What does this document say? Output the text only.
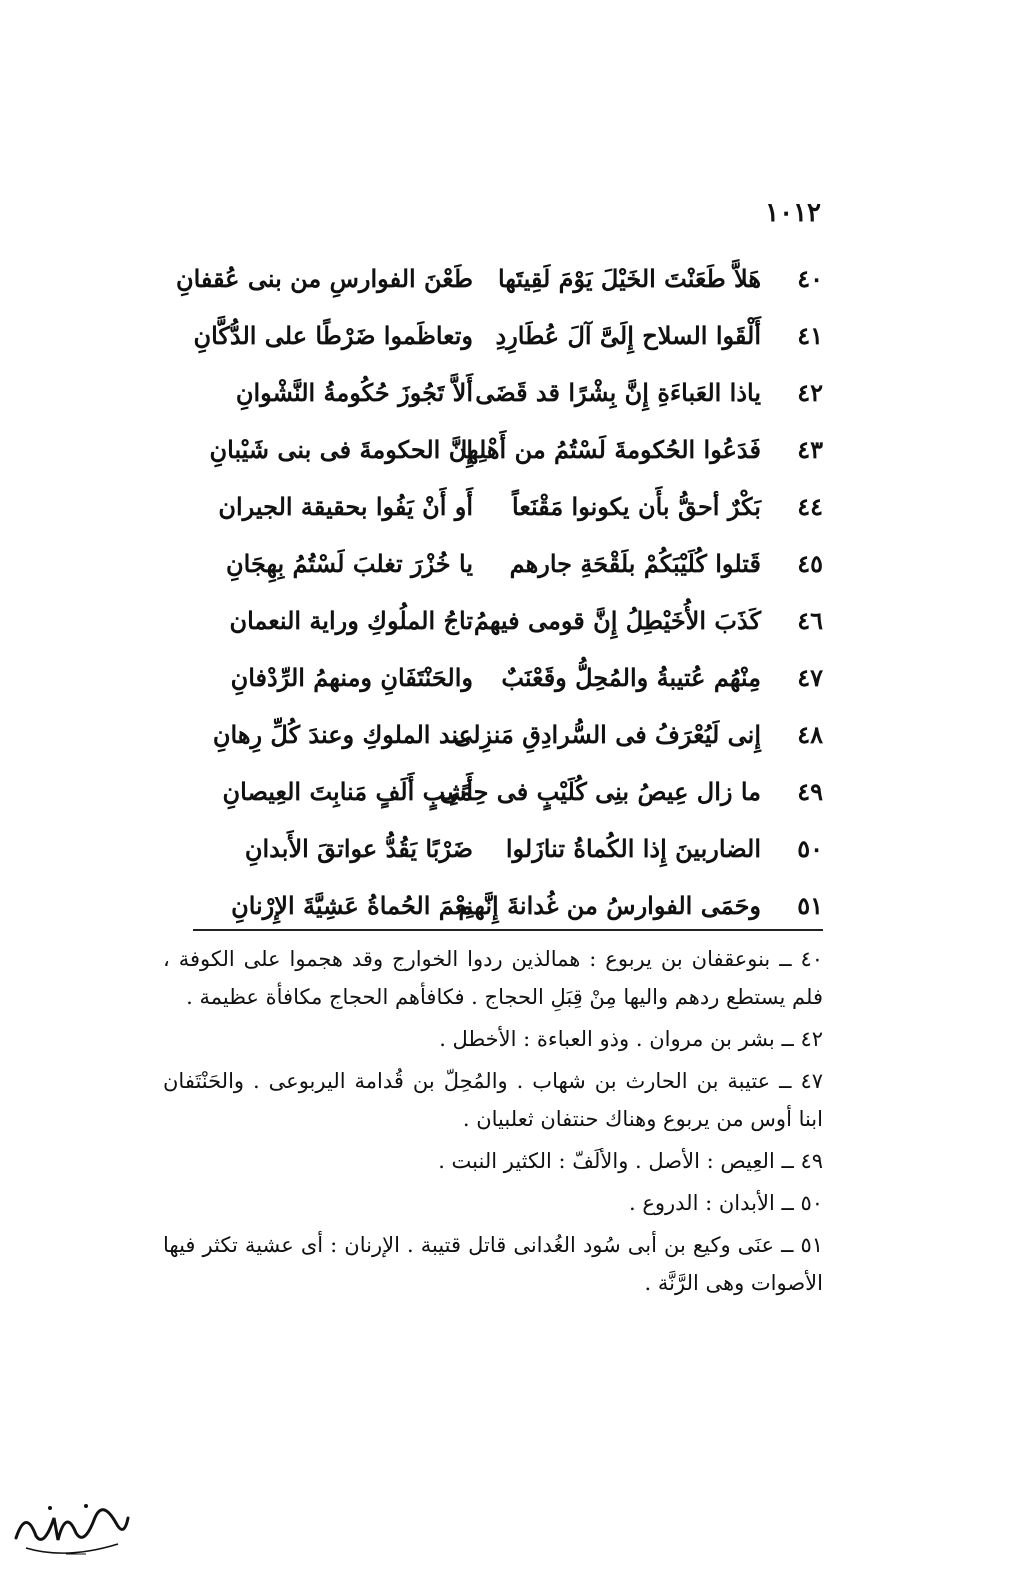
١٠١٢
٤٠
هَلاَّ طَعَنْتَ الخَيْلَ يَوْمَ لَقِيتَها
طَعْنَ الفوارسِ من بنى عُقفانِ
٤١
أَلْقَوا السلاح إِلَىَّ آلَ عُطَارِدِ
وتعاظَموا ضَرْطًا على الدُّكَّانِ
٤٢
ياذا العَباءَةِ إِنَّ بِشْرًا قد قَضَى
أَلاَّ تَجُوزَ حُكُومةُ النَّشْوانِ
٤٣
فَدَعُوا الحُكومةَ لَسْتُمُ من أَهْلِها
إِنَّ الحكومةَ فى بنى شَيْبانِ
٤٤
بَكْرٌ أحقُّ بأَن يكونوا مَقْنَعاً
أَو أَنْ يَفُوا بحقيقة الجيران
٤٥
قَتلوا كُلَيْبَكُمْ بلَقْحَةِ جارهم
يا خُزْرَ تغلبَ لَسْتُمُ بِهِجَانِ
٤٦
كَذَبَ الأُخَيْطِلُ إِنَّ قومى فيهمُ
تاجُ الملُوكِ وراية النعمان
٤٧
مِنْهُم عُتيبةُ والمُحِلُّ وقَعْنَبٌ
والحَنْتَفَانِ ومنهمُ الرِّدْفانِ
٤٨
إِنى لَيُعْرَفُ فى السُّرادِقِ مَنزِلى
عند الملوكِ وعندَ كُلِّ رِهانِ
٤٩
ما زال عِيصُ بنِى كُلَيْبٍ فى حِمًى
أَشِبٍ أَلَفٍ مَنابِتَ العِيصانِ
٥٠
الضاربينَ إِذا الكُماةُ تنازَلوا
ضَرْبًا يَقُدُّ عواتقَ الأَبدانِ
٥١
وحَمَى الفوارسُ من غُدانةَ إِنَّهم
نِعْمَ الحُماةُ عَشِيَّةَ الإِرْنانِ
٤٠ ــ بنوعقفان بن يربوع : همالذين ردوا الخوارج وقد هجموا على الكوفة ، فلم يستطع ردهم واليها مِنْ قِبَلِ الحجاج . فكافأهم الحجاج مكافأة عظيمة .
٤٢ ــ بشر بن مروان . وذو العباءة : الأخطل .
٤٧ ــ عتيبة بن الحارث بن شهاب . والمُحِلّ بن قُدامة اليربوعى . والحَنْتَفان ابنا أوس من يربوع وهناك حنتفان ثعلبيان .
٤٩ ــ العِيص : الأصل . والألَفّ : الكثير النبت .
٥٠ ــ الأبدان : الدروع .
٥١ ــ عنَى وكيع بن أبى سُود الغُدانى قاتل قتيبة . الإرنان : أى عشية تكثر فيها الأصوات وهى الرَّنَّة .
